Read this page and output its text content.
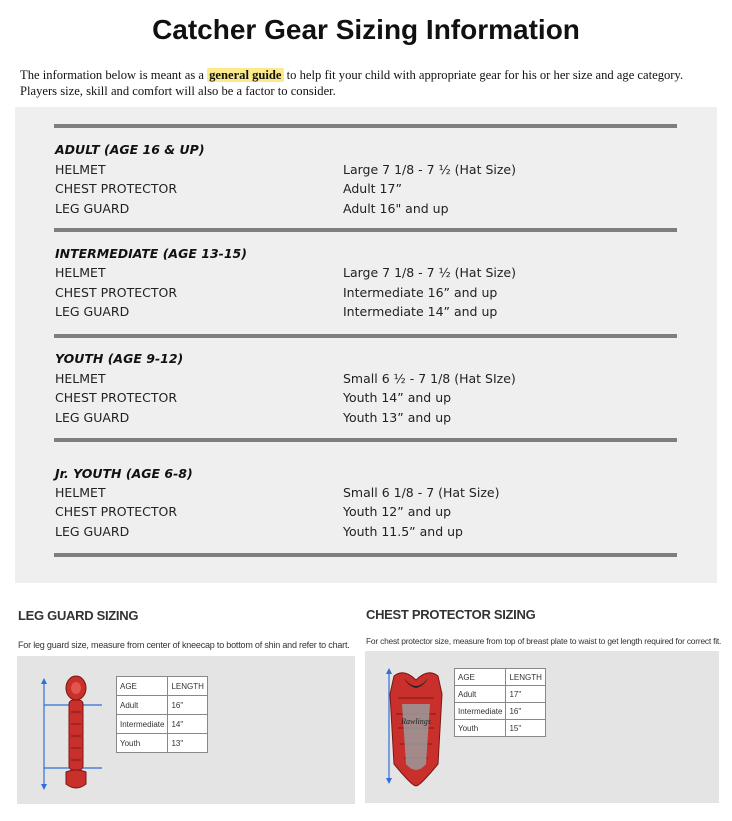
Catcher Gear Sizing Information
The information below is meant as a general guide to help fit your child with appropriate gear for his or her size and age category. Players size, skill and comfort will also be a factor to consider.
ADULT (AGE 16 & UP)
HELMET	Large 7 1/8 - 7 ½ (Hat Size)
CHEST PROTECTOR	Adult 17”
LEG GUARD	Adult 16" and up
INTERMEDIATE (AGE 13-15)
HELMET	Large 7 1/8 - 7 ½ (Hat Size)
CHEST PROTECTOR	Intermediate 16” and up
LEG GUARD	Intermediate 14” and up
YOUTH (AGE 9-12)
HELMET	Small 6 ½ - 7 1/8 (Hat SIze)
CHEST PROTECTOR	Youth 14” and up
LEG GUARD	Youth 13” and up
Jr. YOUTH (AGE 6-8)
HELMET	Small 6 1/8 - 7 (Hat Size)
CHEST PROTECTOR	Youth 12” and up
LEG GUARD	Youth 11.5” and up
LEG GUARD SIZING
For leg guard size, measure from center of kneecap to bottom of shin and refer to chart.
AGE	LENGTH
Adult	16"
Intermediate	14"
Youth	13"
CHEST PROTECTOR SIZING
For chest protector size, measure from top of breast plate to waist to get length required for correct fit.
Rawlings
AGE	LENGTH
Adult	17"
Intermediate	16"
Youth	15"
